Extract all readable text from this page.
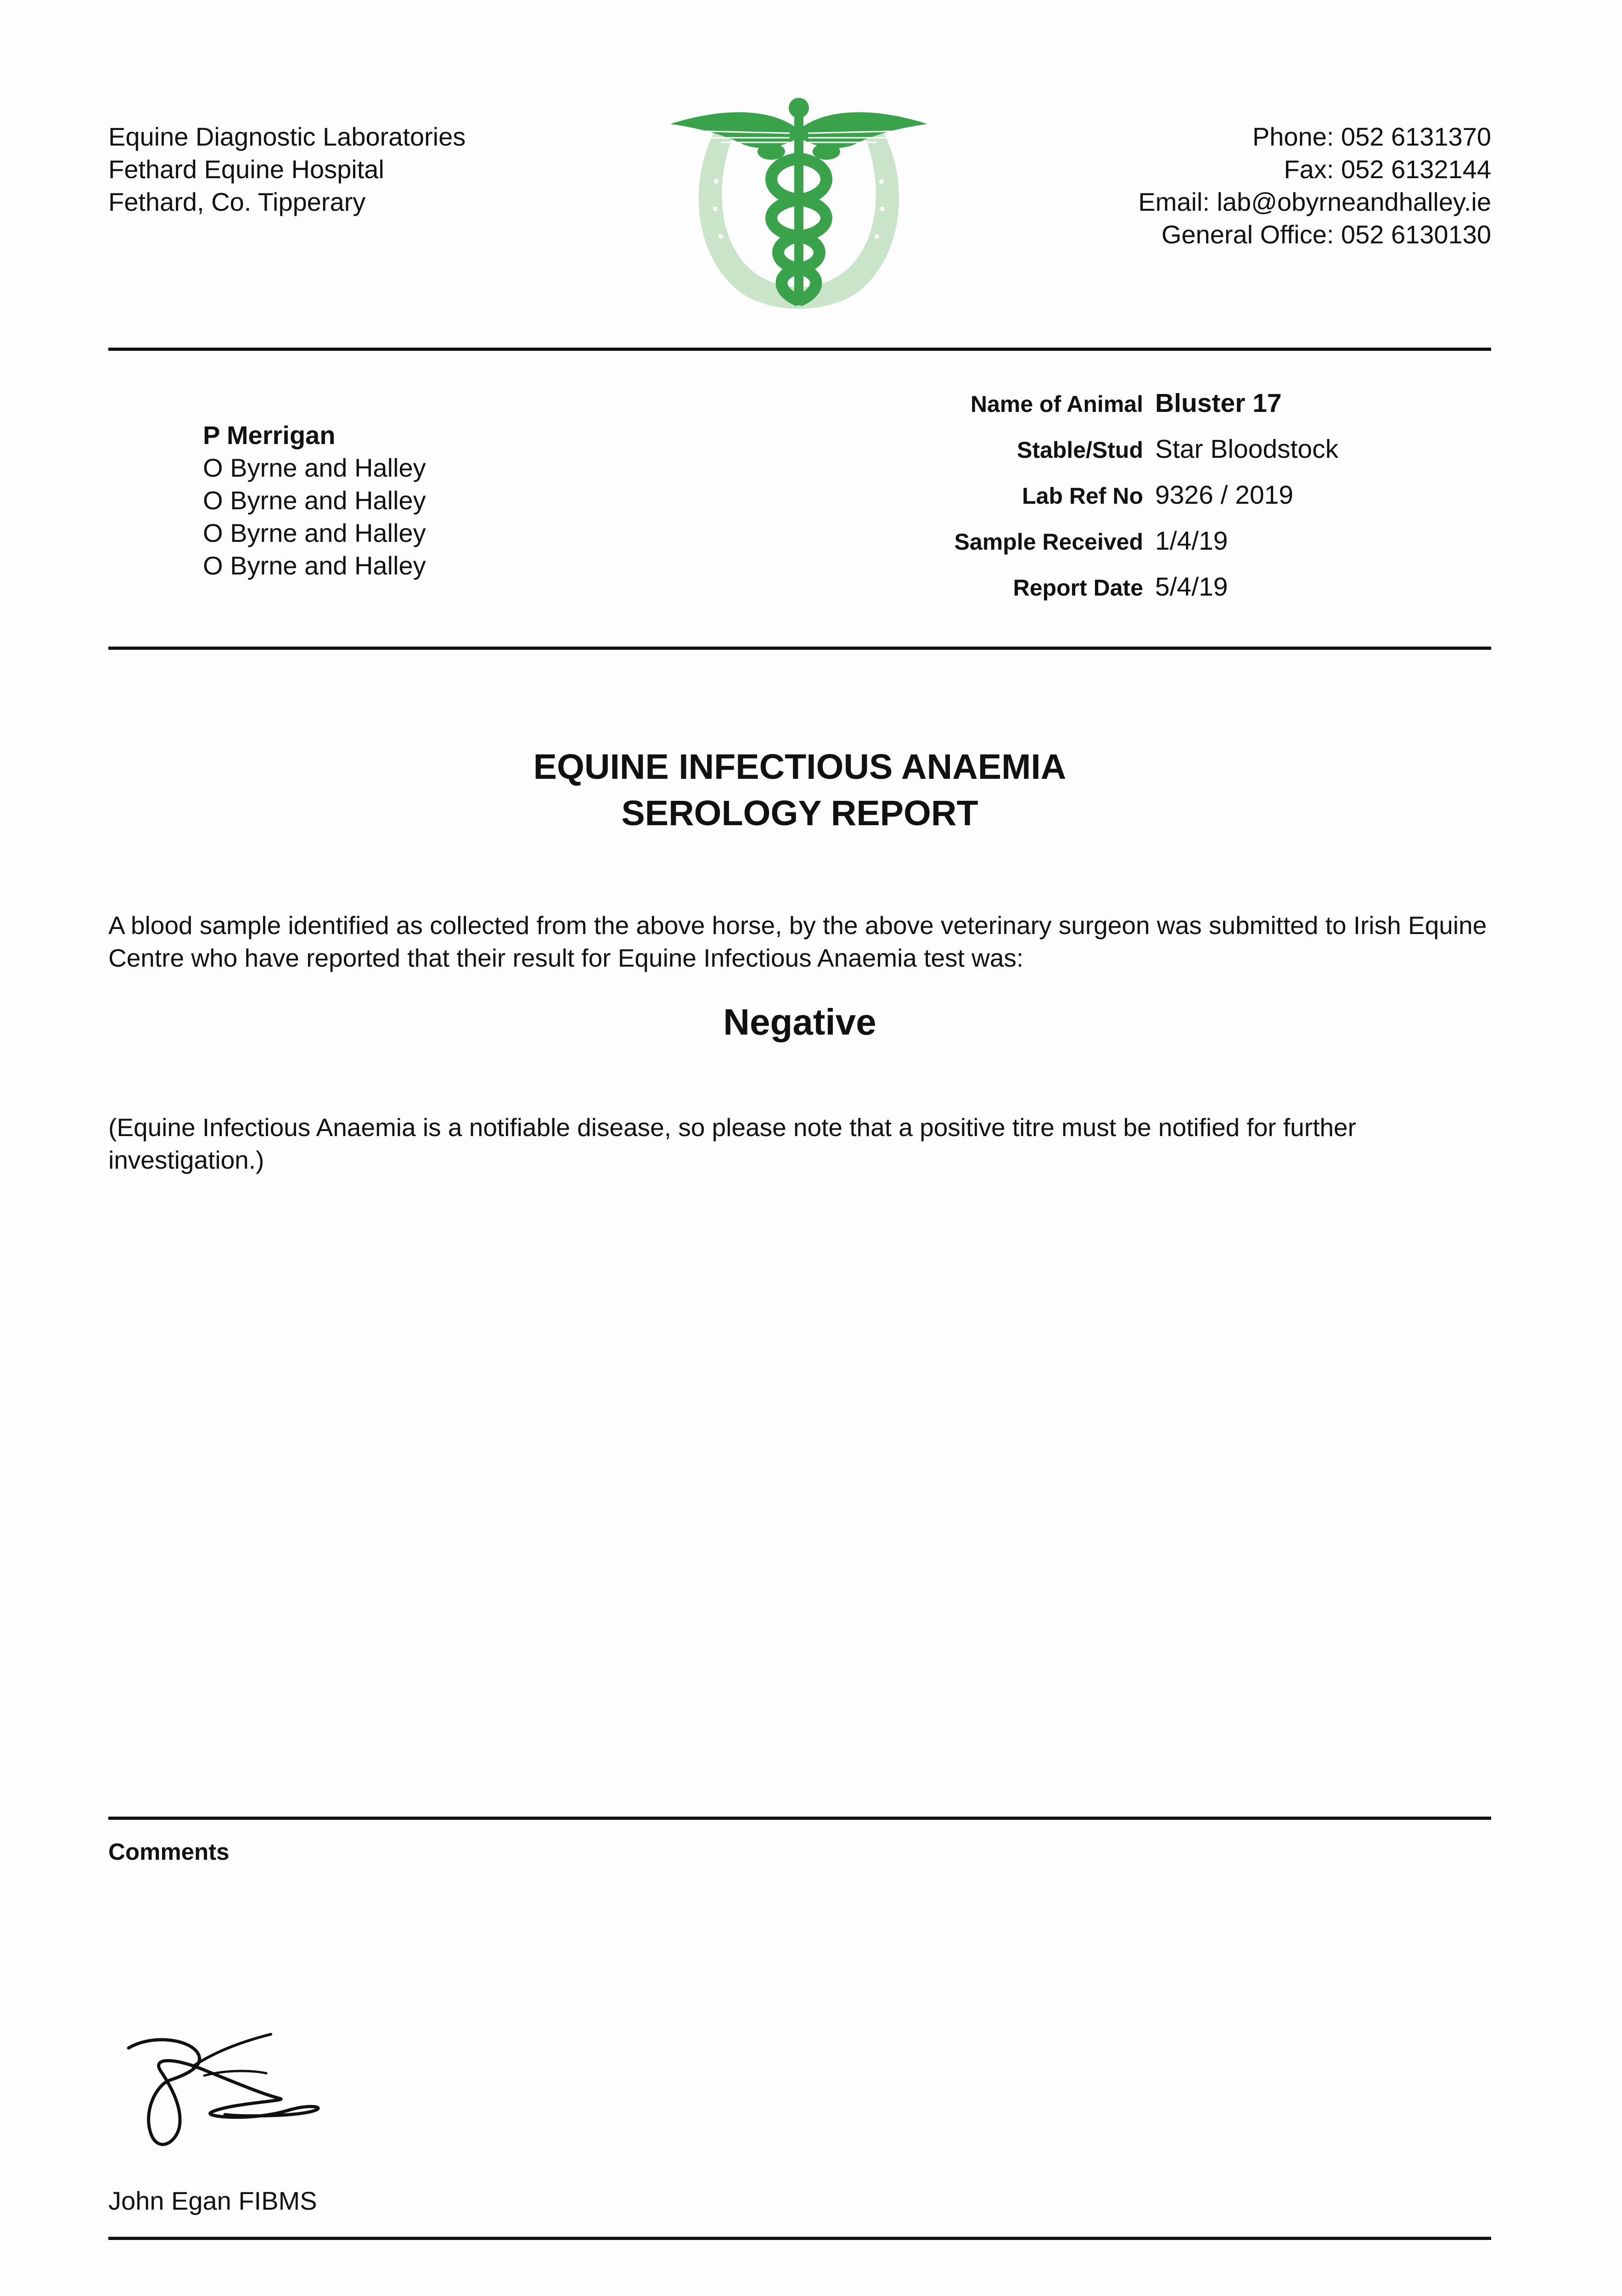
Equine Diagnostic Laboratories
Fethard Equine Hospital
Fethard, Co. Tipperary
Phone: 052 6131370
Fax: 052 6132144
Email: lab@obyrneandhalley.ie
General Office: 052 6130130
P Merrigan
O Byrne and Halley
O Byrne and Halley
O Byrne and Halley
O Byrne and Halley
Name of Animal Bluster 17
Stable/Stud Star Bloodstock
Lab Ref No 9326 / 2019
Sample Received 1/4/19
Report Date 5/4/19
EQUINE INFECTIOUS ANAEMIA
SEROLOGY REPORT
A blood sample identified as collected from the above horse, by the above veterinary surgeon was submitted to Irish Equine Centre who have reported that their result for Equine Infectious Anaemia test was:
Negative
(Equine Infectious Anaemia is a notifiable disease, so please note that a positive titre must be notified for further investigation.)
Comments
John Egan FIBMS
